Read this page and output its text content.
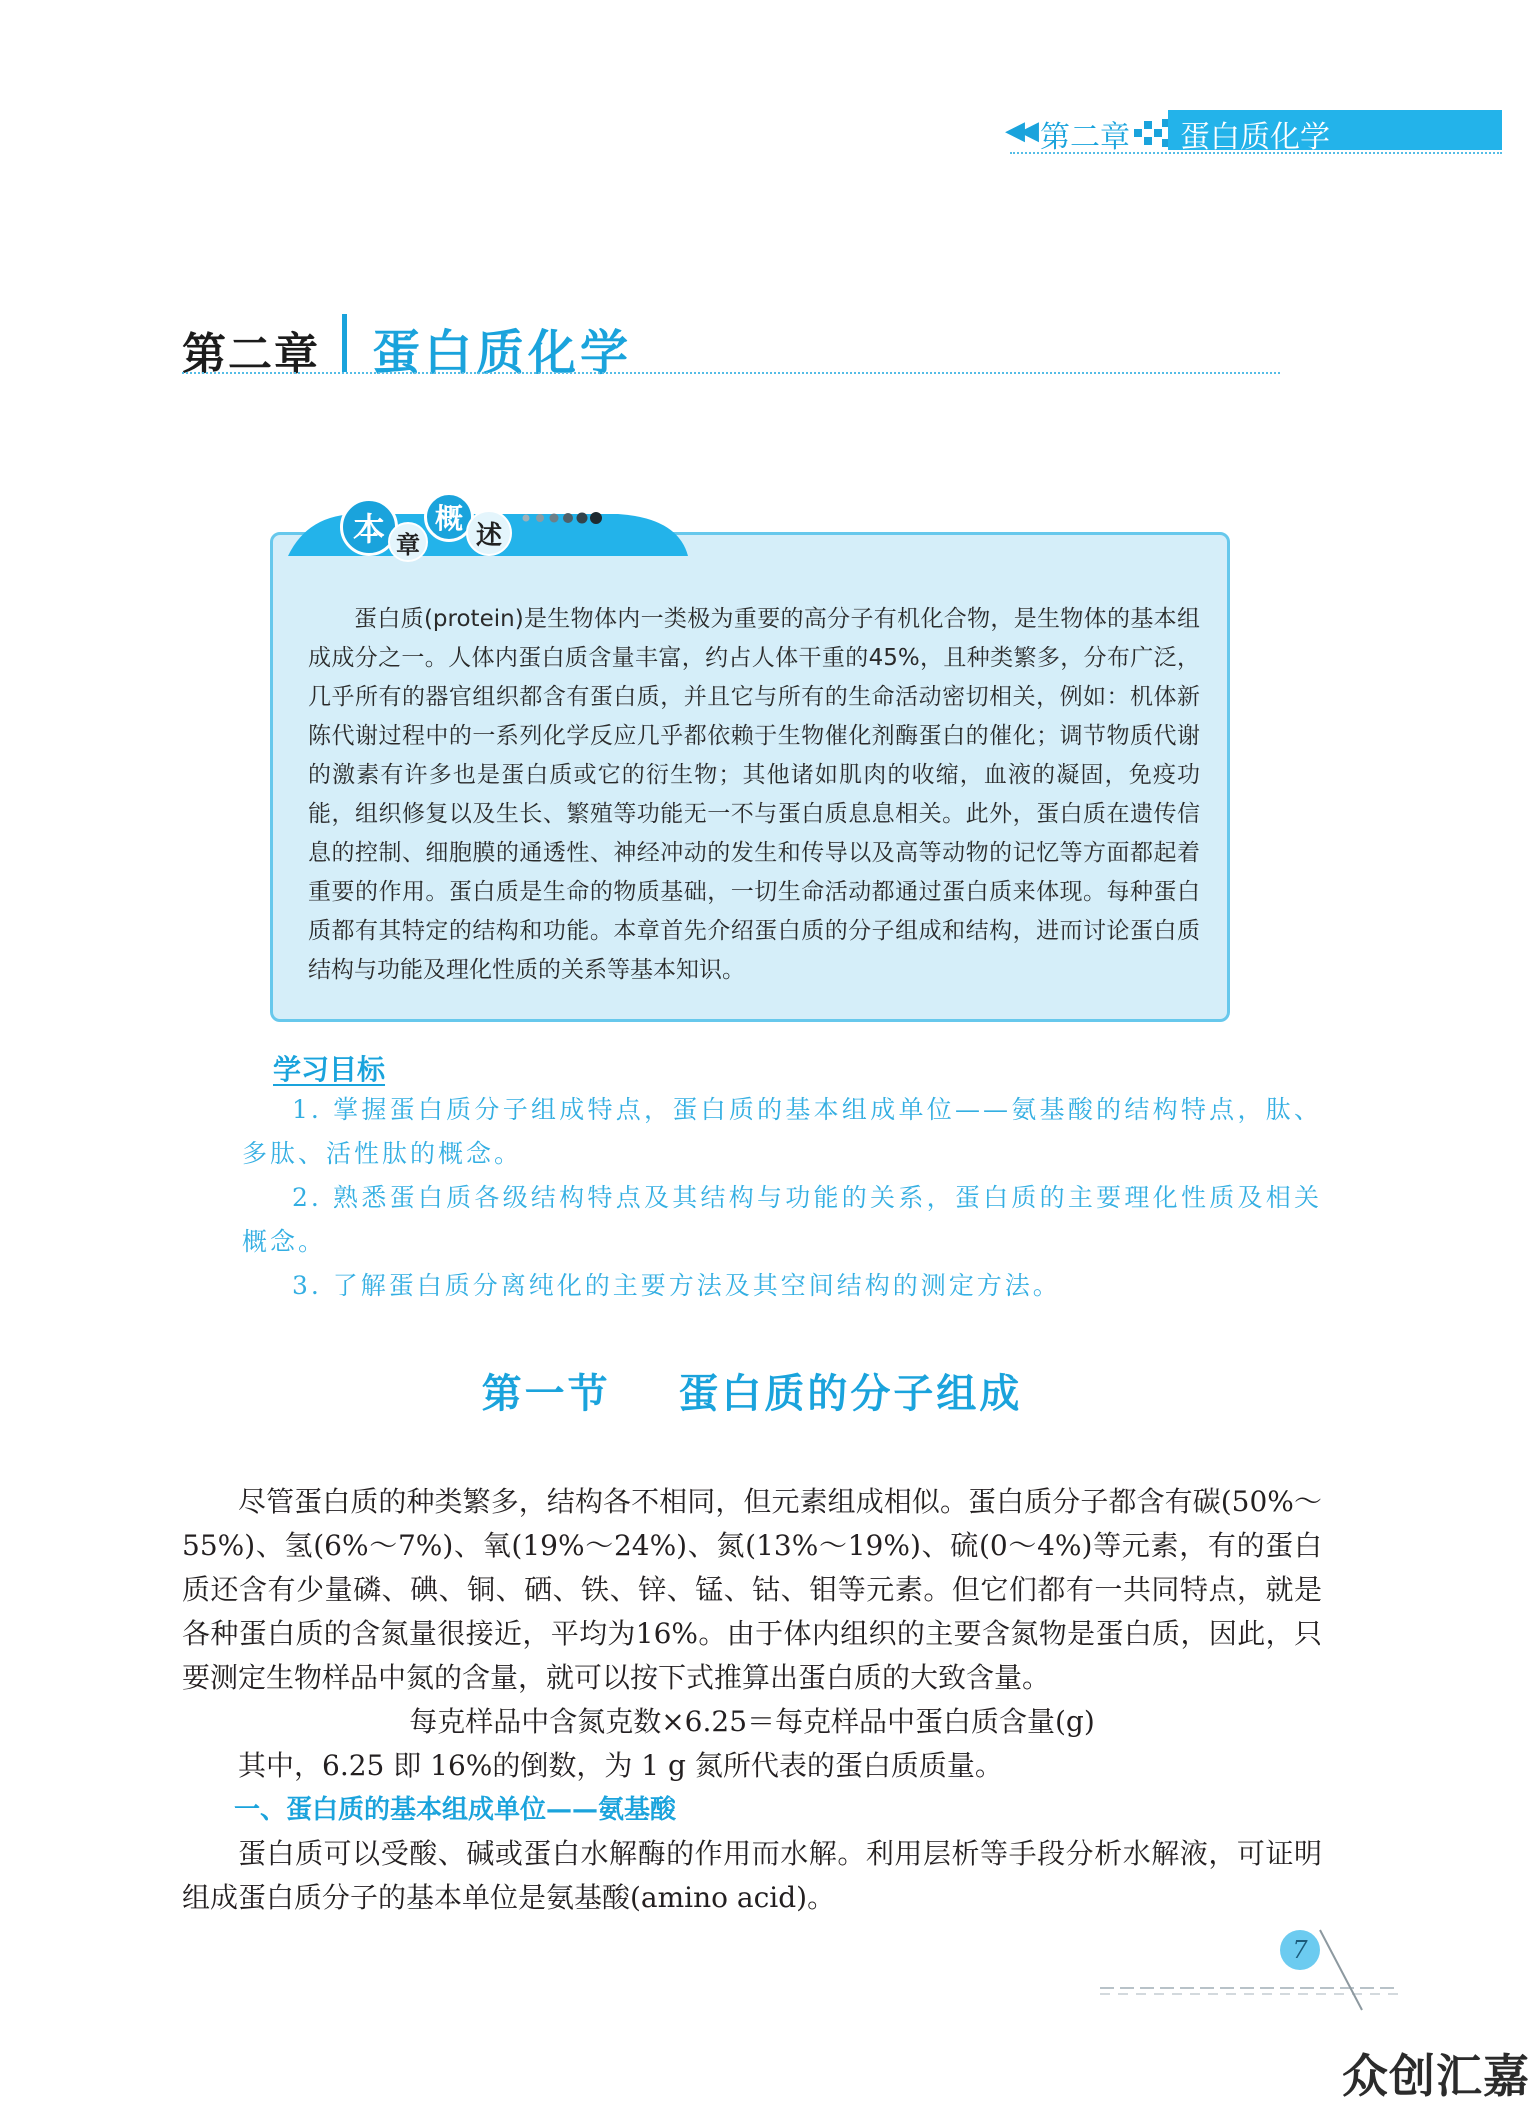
◀◀ 第二章 蛋白质化学
第二章 蛋白质化学
本 章
概
述

蛋白质(protein)是生物体内一类极为重要的高分子有机化合物，是生物体的基本组成成分之一。人体内蛋白质含量丰富，约占人体干重的45%，且种类繁多，分布广泛，几乎所有的器官组织都含有蛋白质，并且它与所有的生命活动密切相关，例如：机体新陈代谢过程中的一系列化学反应几乎都依赖于生物催化剂酶蛋白的催化；调节物质代谢的激素有许多也是蛋白质或它的衍生物；其他诸如肌肉的收缩，血液的凝固，免疫功能，组织修复以及生长、繁殖等功能无一不与蛋白质息息相关。此外，蛋白质在遗传信息的控制、细胞膜的通透性、神经冲动的发生和传导以及高等动物的记忆等方面都起着重要的作用。蛋白质是生命的物质基础，一切生命活动都通过蛋白质来体现。每种蛋白质都有其特定的结构和功能。本章首先介绍蛋白质的分子组成和结构，进而讨论蛋白质结构与功能及理化性质的关系等基本知识。

学习目标

1. 掌握蛋白质分子组成特点，蛋白质的基本组成单位——氨基酸的结构特点，肽、多肽、活性肽的概念。

2. 熟悉蛋白质各级结构特点及其结构与功能的关系，蛋白质的主要理化性质及相关概念。

3. 了解蛋白质分离纯化的主要方法及其空间结构的测定方法。

第一节    蛋白质的分子组成

尽管蛋白质的种类繁多，结构各不相同，但元素组成相似。蛋白质分子都含有碳(50%～55%)、氢(6%～7%)、氧(19%～24%)、氮(13%～19%)、硫(0～4%)等元素，有的蛋白质还含有少量磷、碘、铜、硒、铁、锌、锰、钴、钼等元素。但它们都有一共同特点，就是各种蛋白质的含氮量很接近，平均为16%。由于体内组织的主要含氮物是蛋白质，因此，只要测定生物样品中氮的含量，就可以按下式推算出蛋白质的大致含量。

每克样品中含氮克数×6.25＝每克样品中蛋白质含量(g)

其中，6.25 即 16%的倒数，为 1 g 氮所代表的蛋白质质量。

一、蛋白质的基本组成单位——氨基酸

蛋白质可以受酸、碱或蛋白水解酶的作用而水解。利用层析等手段分析水解液，可证明组成蛋白质分子的基本单位是氨基酸(amino acid)。

7
众创汇嘉
